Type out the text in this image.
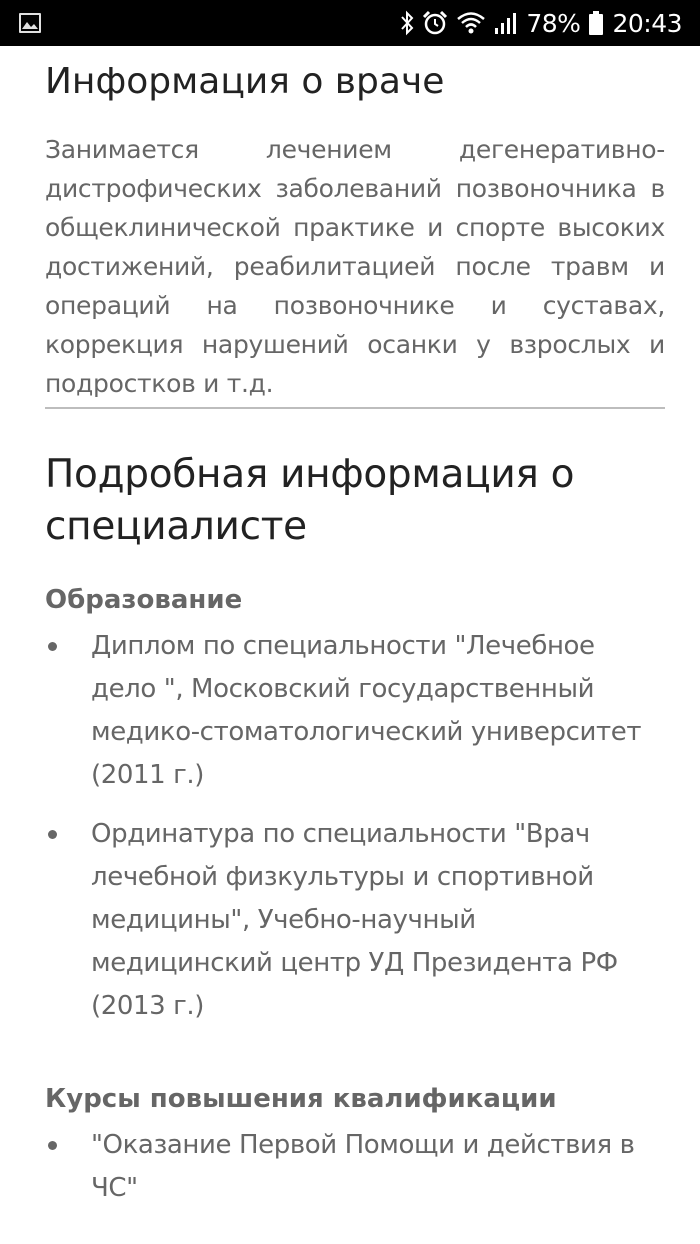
78% 20:43
Информация о враче
Занимается лечением дегенеративно-дистрофических заболеваний позвоночника в общеклинической практике и спорте высоких достижений, реабилитацией после травм и операций на позвоночнике и суставах, коррекция нарушений осанки у взрослых и подростков и т.д.
Подробная информация о специалисте
Образование
Диплом по специальности "Лечебное дело ", Московский государственный медико-стоматологический университет (2011 г.)
Ординатура по специальности "Врач лечебной физкультуры и спортивной медицины", Учебно-научный медицинский центр УД Президента РФ (2013 г.)
Курсы повышения квалификации
"Оказание Первой Помощи и действия в ЧС"
